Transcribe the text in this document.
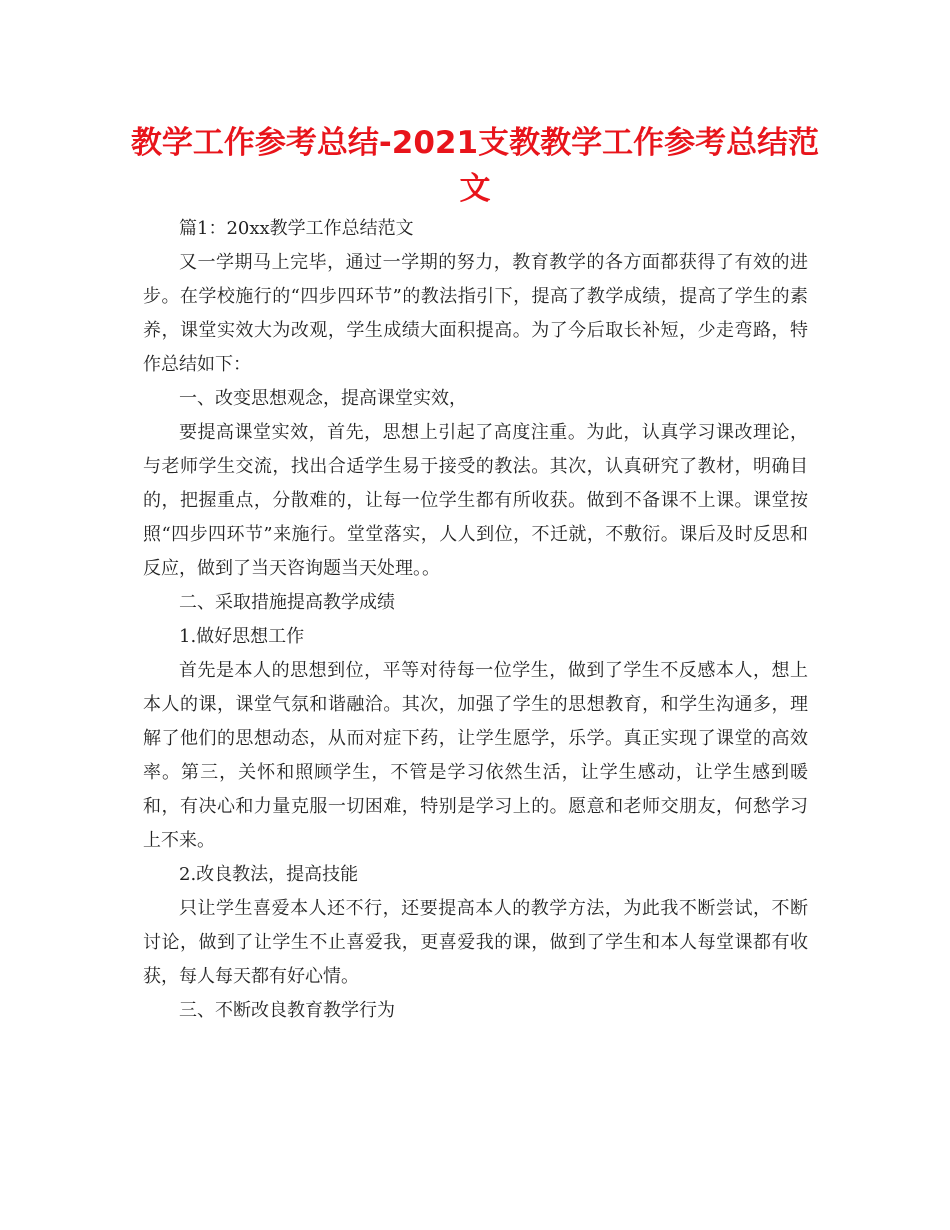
教学工作参考总结-2021支教教学工作参考总结范文

篇1：20xx教学工作总结范文

又一学期马上完毕，通过一学期的努力，教育教学的各方面都获得了有效的进步。在学校施行的“四步四环节”的教法指引下，提高了教学成绩，提高了学生的素养，课堂实效大为改观，学生成绩大面积提高。为了今后取长补短，少走弯路，特作总结如下：

一、改变思想观念，提高课堂实效，

要提高课堂实效，首先，思想上引起了高度注重。为此，认真学习课改理论，与老师学生交流，找出合适学生易于接受的教法。其次，认真研究了教材，明确目的，把握重点，分散难的，让每一位学生都有所收获。做到不备课不上课。课堂按照“四步四环节”来施行。堂堂落实，人人到位，不迁就，不敷衍。课后及时反思和反应，做到了当天咨询题当天处理。。

二、采取措施提高教学成绩

1.做好思想工作

首先是本人的思想到位，平等对待每一位学生，做到了学生不反感本人，想上本人的课，课堂气氛和谐融洽。其次，加强了学生的思想教育，和学生沟通多，理解了他们的思想动态，从而对症下药，让学生愿学，乐学。真正实现了课堂的高效率。第三，关怀和照顾学生，不管是学习依然生活，让学生感动，让学生感到暖和，有决心和力量克服一切困难，特别是学习上的。愿意和老师交朋友，何愁学习上不来。

2.改良教法，提高技能

只让学生喜爱本人还不行，还要提高本人的教学方法，为此我不断尝试，不断讨论，做到了让学生不止喜爱我，更喜爱我的课，做到了学生和本人每堂课都有收获，每人每天都有好心情。

三、不断改良教育教学行为
